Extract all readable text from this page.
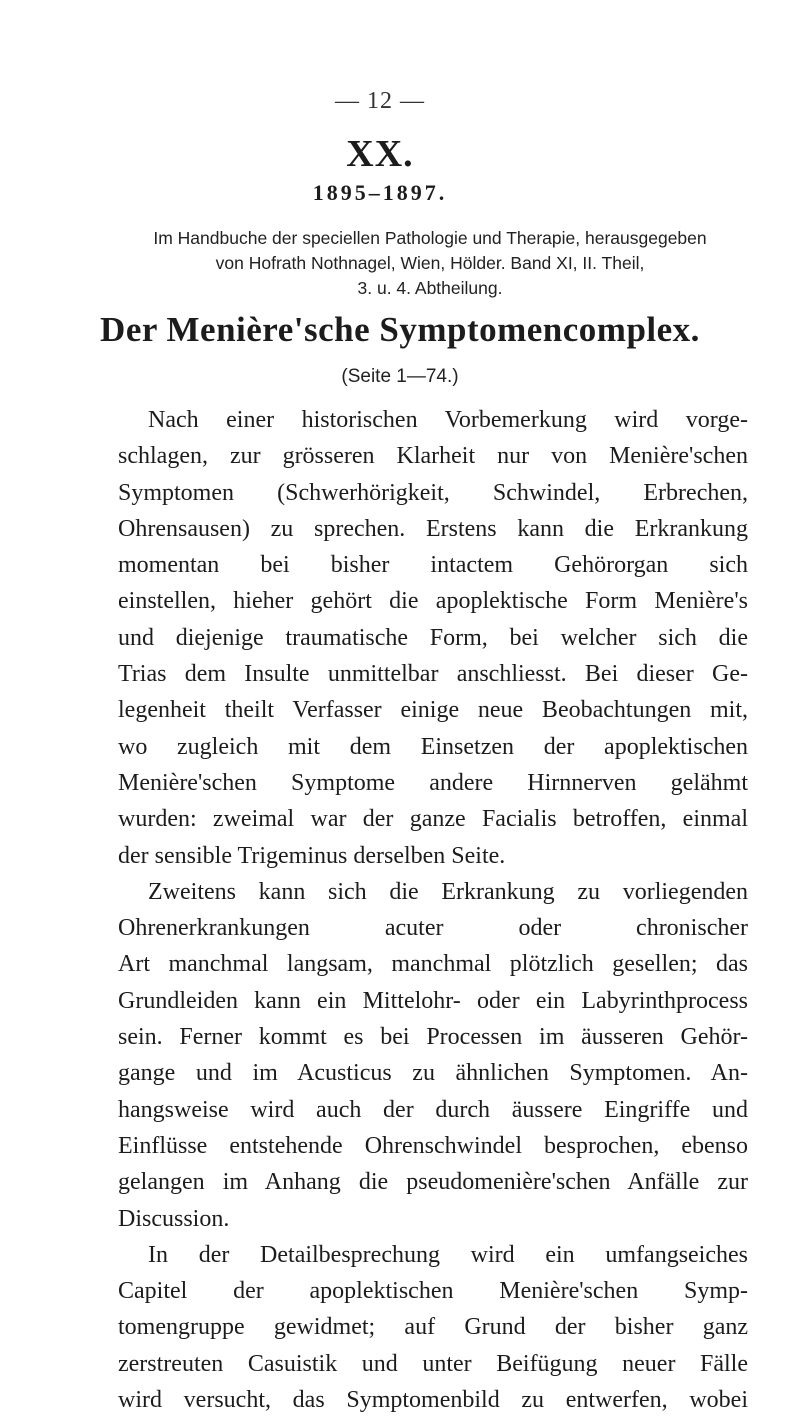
— 12 —
XX.
1895–1897.
Im Handbuche der speciellen Pathologie und Therapie, herausgegeben
von Hofrath Nothnagel, Wien, Hölder. Band XI, II. Theil,
3. u. 4. Abtheilung.
Der Menière'sche Symptomencomplex.
(Seite 1—74.)
Nach einer historischen Vorbemerkung wird vorge-
schlagen, zur grösseren Klarheit nur von Menière'schen
Symptomen (Schwerhörigkeit, Schwindel, Erbrechen,
Ohrensausen) zu sprechen. Erstens kann die Erkrankung
momentan bei bisher intactem Gehörorgan sich
einstellen, hieher gehört die apoplektische Form Menière's
und diejenige traumatische Form, bei welcher sich die
Trias dem Insulte unmittelbar anschliesst. Bei dieser Ge-
legenheit theilt Verfasser einige neue Beobachtungen mit,
wo zugleich mit dem Einsetzen der apoplektischen
Menière'schen Symptome andere Hirnnerven gelähmt
wurden: zweimal war der ganze Facialis betroffen, einmal
der sensible Trigeminus derselben Seite.
Zweitens kann sich die Erkrankung zu vorliegenden
Ohrenerkrankungen acuter oder chronischer
Art manchmal langsam, manchmal plötzlich gesellen; das
Grundleiden kann ein Mittelohr- oder ein Labyrinthprocess
sein. Ferner kommt es bei Processen im äusseren Gehör-
gange und im Acusticus zu ähnlichen Symptomen. An-
hangsweise wird auch der durch äussere Eingriffe und
Einflüsse entstehende Ohrenschwindel besprochen, ebenso
gelangen im Anhang die pseudomenière'schen Anfälle zur
Discussion.
In der Detailbesprechung wird ein umfangseiches
Capitel der apoplektischen Menière'schen Symp-
tomengruppe gewidmet; auf Grund der bisher ganz
zerstreuten Casuistik und unter Beifügung neuer Fälle
wird versucht, das Symptomenbild zu entwerfen, wobei
